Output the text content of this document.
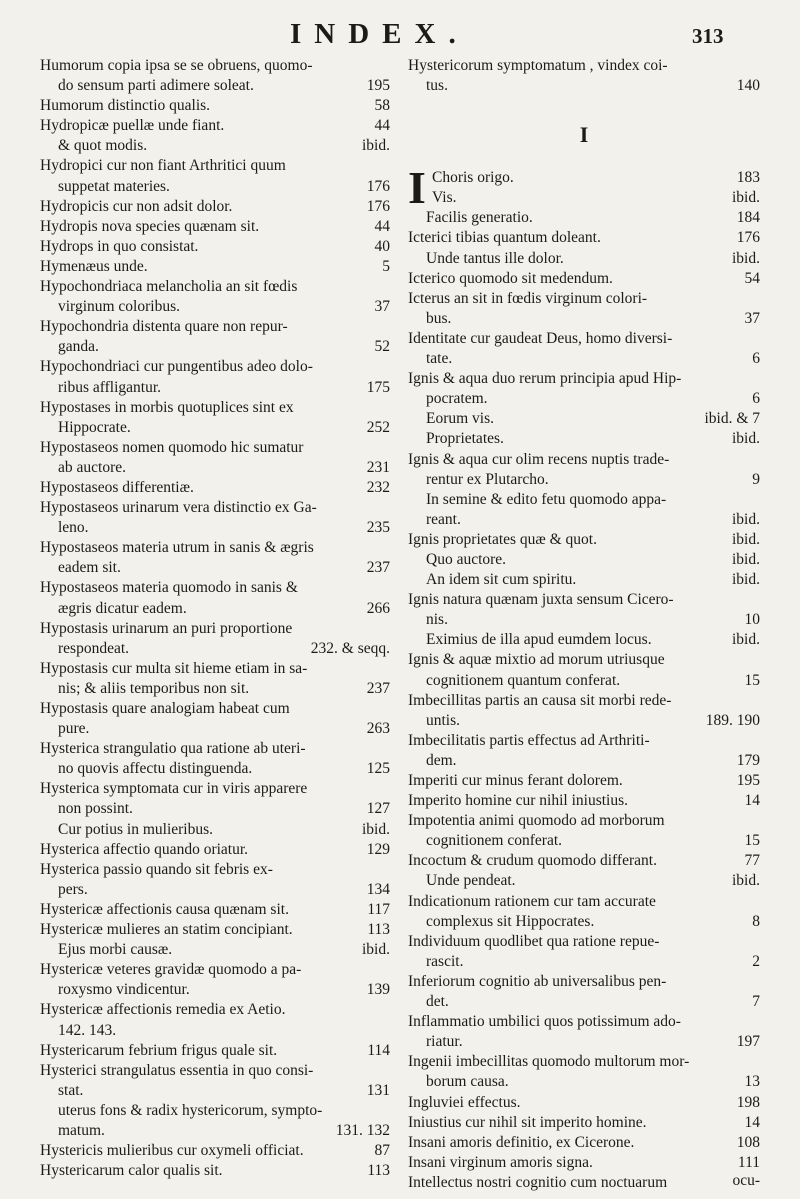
INDEX.	313
Humorum copia ipsa se se obruens, quomo-
do sensum parti adimere soleat.	195
Humorum distinctio qualis.	58
Hydropicæ puellæ unde fiant.	44
& quot modis.	ibid.
Hydropici cur non fiant Arthritici quum
suppetat materies.	176
Hydropicis cur non adsit dolor.	176
Hydropis nova species quænam sit.	44
Hydrops in quo consistat.	40
Hymenæus unde.	5
Hypochondriaca melancholia an sit fœdis
virginum coloribus.	37
Hypochondria distenta quare non repur-
ganda.	52
Hypochondriaci cur pungentibus adeo dolo-
ribus affligantur.	175
Hypostases in morbis quotuplices sint ex
Hippocrate.	252
Hypostaseos nomen quomodo hic sumatur
ab auctore.	231
Hypostaseos differentiæ.	232
Hypostaseos urinarum vera distinctio ex Ga-
leno.	235
Hypostaseos materia utrum in sanis & ægris
eadem sit.	237
Hypostaseos materia quomodo in sanis &
ægris dicatur eadem.	266
Hypostasis urinarum an puri proportione
respondeat.	232. & seqq.
Hypostasis cur multa sit hieme etiam in sa-
nis; & aliis temporibus non sit.	237
Hypostasis quare analogiam habeat cum
pure.	263
Hysterica strangulatio qua ratione ab uteri-
no quovis affectu distinguenda.	125
Hysterica symptomata cur in viris apparere
non possint.	127
Cur potius in mulieribus.	ibid.
Hysterica affectio quando oriatur.	129
Hysterica passio quando sit febris ex-
pers.	134
Hystericæ affectionis causa quænam sit.	117
Hystericæ mulieres an statim concipiant.	113
Ejus morbi causæ.	ibid.
Hystericæ veteres gravidæ quomodo a pa-
roxysmo vindicentur.	139
Hystericæ affectionis remedia ex Aetio.
142. 143.
Hystericarum febrium frigus quale sit.	114
Hysterici strangulatus essentia in quo consi-
stat.	131
uterus fons & radix hystericorum, sympto-
matum.	131. 132
Hystericis mulieribus cur oxymeli officiat.	87
Hystericarum calor qualis sit.	113
Hystericorum symptomatum , vindex coi-
tus.	140
I
I Choris origo.	183
Vis.	ibid.
Facilis generatio.	184
Icterici tibias quantum doleant.	176
Unde tantus ille dolor.	ibid.
Icterico quomodo sit medendum.	54
Icterus an sit in fœdis virginum colori-
bus.	37
Identitate cur gaudeat Deus, homo diversi-
tate.	6
Ignis & aqua duo rerum principia apud Hip-
pocratem.	6
Eorum vis.	ibid. & 7
Proprietates.	ibid.
Ignis & aqua cur olim recens nuptis trade-
rentur ex Plutarcho.	9
In semine & edito fetu quomodo appa-
reant.	ibid.
Ignis proprietates quæ & quot.	ibid.
Quo auctore.	ibid.
An idem sit cum spiritu.	ibid.
Ignis natura quænam juxta sensum Cicero-
nis.	10
Eximius de illa apud eumdem locus.	ibid.
Ignis & aquæ mixtio ad morum utriusque
cognitionem quantum conferat.	15
Imbecillitas partis an causa sit morbi rede-
untis.	189. 190
Imbecilitatis partis effectus ad Arthriti-
dem.	179
Imperiti cur minus ferant dolorem.	195
Imperito homine cur nihil iniustius.	14
Impotentia animi quomodo ad morborum
cognitionem conferat.	15
Incoctum & crudum quomodo differant.	77
Unde pendeat.	ibid.
Indicationum rationem cur tam accurate
complexus sit Hippocrates.	8
Individuum quodlibet qua ratione repue-
rascit.	2
Inferiorum cognitio ab universalibus pen-
det.	7
Inflammatio umbilici quos potissimum ado-
riatur.	197
Ingenii imbecillitas quomodo multorum mor-
borum causa.	13
Ingluviei effectus.	198
Iniustius cur nihil sit imperito homine.	14
Insani amoris definitio, ex Cicerone.	108
Insani virginum amoris signa.	111
Intellectus nostri cognitio cum noctuarum	ocu-
